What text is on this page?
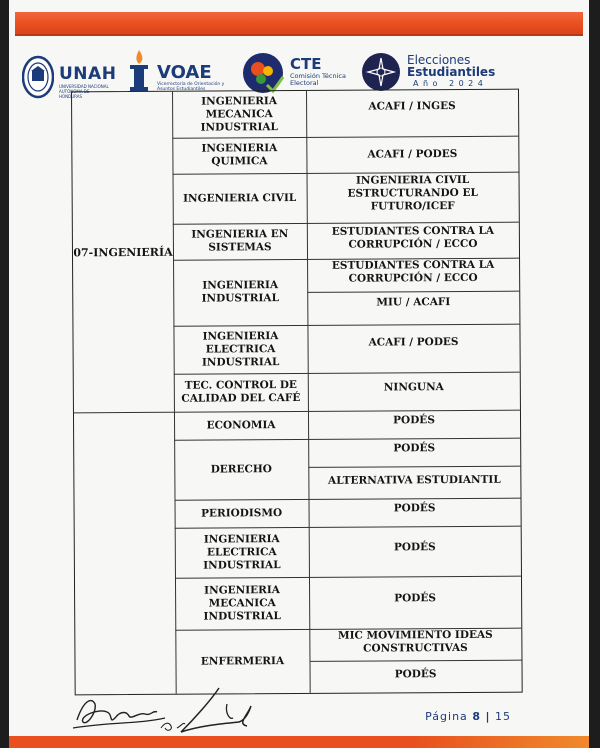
UNAH
UNIVERSIDAD NACIONAL AUTÓNOMA DE HONDURAS
VOAE
Vicerrectoría de Orientación y Asuntos Estudiantiles
CTE
Comisión Técnica
Electoral
Elecciones
Estudiantiles
Año 2024
07-INGENIERÍA
INGENIERIA MECANICA INDUSTRIAL
ACAFI / INGES
INGENIERIA QUIMICA
ACAFI / PODES
INGENIERIA CIVIL
INGENIERIA CIVIL ESTRUCTURANDO EL FUTURO/ICEF
INGENIERIA EN SISTEMAS
ESTUDIANTES CONTRA LA CORRUPCIÓN / ECCO
INGENIERIA INDUSTRIAL
ESTUDIANTES CONTRA LA CORRUPCIÓN / ECCO
MIU / ACAFI
INGENIERIA ELECTRICA INDUSTRIAL
ACAFI / PODES
TEC. CONTROL DE CALIDAD DEL CAFÉ
NINGUNA
ECONOMIA	PODÉS
DERECHO
PODÉS
ALTERNATIVA ESTUDIANTIL
PERIODISMO	PODÉS
INGENIERIA ELECTRICA INDUSTRIAL
PODÉS
INGENIERIA MECANICA INDUSTRIAL
PODÉS
ENFERMERIA
MIC MOVIMIENTO IDEAS CONSTRUCTIVAS
PODÉS
Página 8 | 15
